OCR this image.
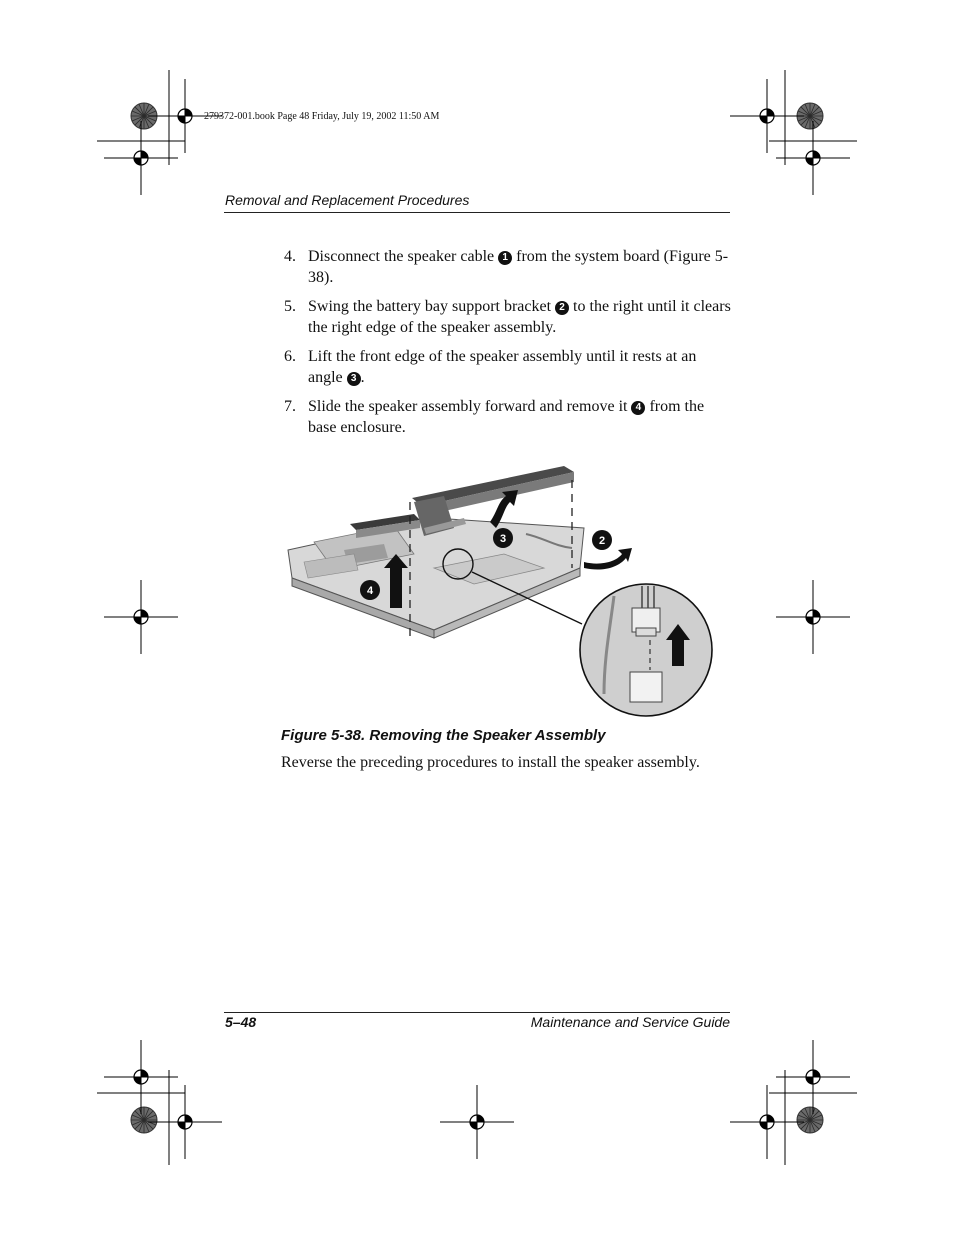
279372-001.book Page 48 Friday, July 19, 2002 11:50 AM
Removal and Replacement Procedures
4. Disconnect the speaker cable 1 from the system board (Figure 5-38).
5. Swing the battery bay support bracket 2 to the right until it clears the right edge of the speaker assembly.
6. Lift the front edge of the speaker assembly until it rests at an angle 3 .
7. Slide the speaker assembly forward and remove it 4 from the base enclosure.
4
3	2
Figure 5-38. Removing the Speaker Assembly
Reverse the preceding procedures to install the speaker assembly.
5–48	Maintenance and Service Guide
